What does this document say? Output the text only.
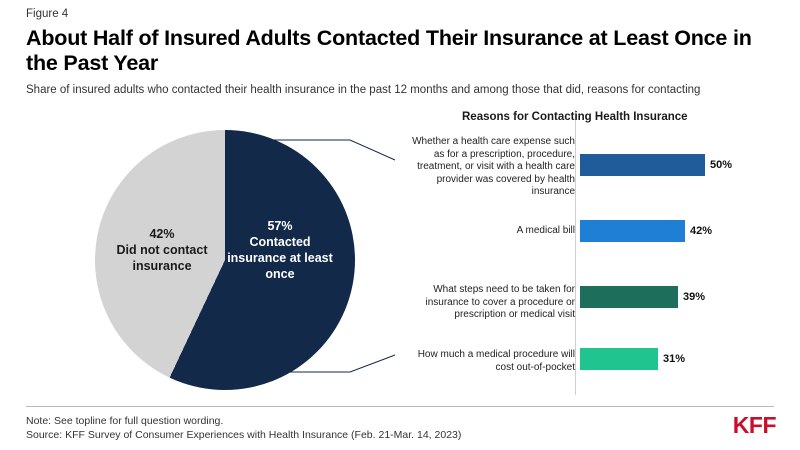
Figure 4
About Half of Insured Adults Contacted Their Insurance at Least Once in the Past Year
Share of insured adults who contacted their health insurance in the past 12 months and among those that did, reasons for contacting
57%
Contacted insurance at least once
42%
Did not contact insurance
Reasons for Contacting Health Insurance
Whether a health care expense such as for a prescription, procedure, treatment, or visit with a health care provider was covered by health insurance
50%
A medical bill	42%
What steps need to be taken for insurance to cover a procedure or prescription or medical visit
39%
How much a medical procedure will cost out-of-pocket
31%
Note: See topline for full question wording.
Source: KFF Survey of Consumer Experiences with Health Insurance (Feb. 21-Mar. 14, 2023)	KFF
